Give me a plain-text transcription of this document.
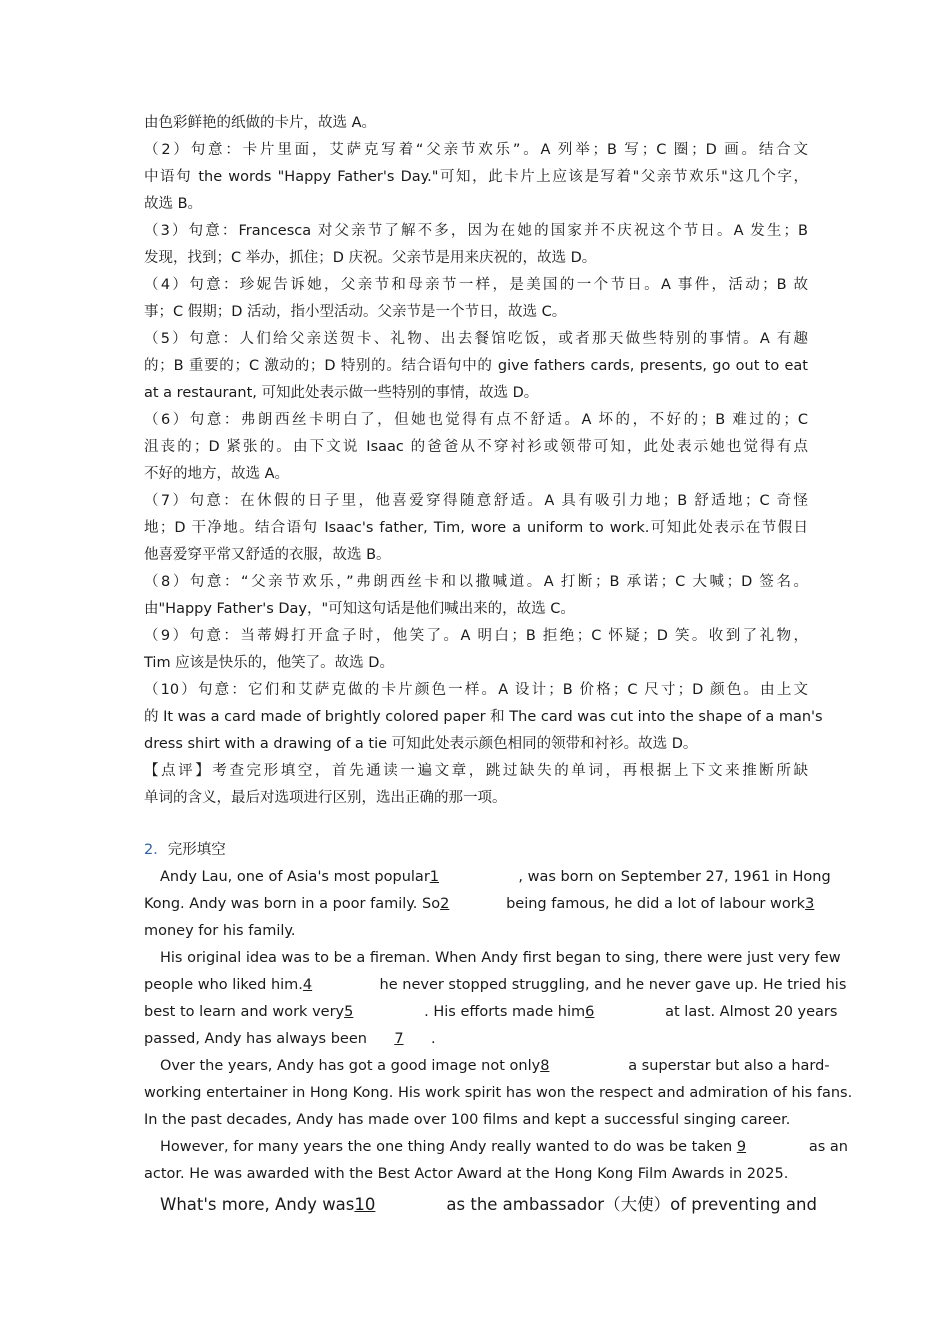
由色彩鲜艳的纸做的卡片，故选 A。
（2）句意：卡片里面，艾萨克写着“父亲节欢乐”。A 列举；B 写；C 圈；D 画。结合文
中语句 the words "Happy Father's Day."可知，此卡片上应该是写着"父亲节欢乐"这几个字，
故选 B。
（3）句意：Francesca 对父亲节了解不多，因为在她的国家并不庆祝这个节日。A 发生；B
发现，找到；C 举办，抓住；D 庆祝。父亲节是用来庆祝的，故选 D。
（4）句意：珍妮告诉她，父亲节和母亲节一样，是美国的一个节日。A 事件，活动；B 故
事；C 假期；D 活动，指小型活动。父亲节是一个节日，故选 C。
（5）句意：人们给父亲送贺卡、礼物、出去餐馆吃饭，或者那天做些特别的事情。A 有趣
的；B 重要的；C 激动的；D 特别的。结合语句中的 give fathers cards, presents, go out to eat
at a restaurant, 可知此处表示做一些特别的事情，故选 D。
（6）句意：弗朗西丝卡明白了，但她也觉得有点不舒适。A 坏的，不好的；B 难过的；C
沮丧的；D 紧张的。由下文说 Isaac 的爸爸从不穿衬衫或领带可知，此处表示她也觉得有点
不好的地方，故选 A。
（7）句意：在休假的日子里，他喜爱穿得随意舒适。A 具有吸引力地；B 舒适地；C 奇怪
地；D 干净地。结合语句 Isaac's father, Tim, wore a uniform to work.可知此处表示在节假日
他喜爱穿平常又舒适的衣服，故选 B。
（8）句意：“父亲节欢乐，”弗朗西丝卡和以撒喊道。A 打断；B 承诺；C 大喊；D 签名。
由"Happy Father's Day，"可知这句话是他们喊出来的，故选 C。
（9）句意：当蒂姆打开盒子时，他笑了。A 明白；B 拒绝；C 怀疑；D 笑。收到了礼物，
Tim 应该是快乐的，他笑了。故选 D。
（10）句意：它们和艾萨克做的卡片颜色一样。A 设计；B 价格；C 尺寸；D 颜色。由上文
的 It was a card made of brightly colored paper 和 The card was cut into the shape of a man's
dress shirt with a drawing of a tie 可知此处表示颜色相同的领带和衬衫。故选 D。
【点评】考查完形填空，首先通读一遍文章，跳过缺失的单词，再根据上下文来推断所缺
单词的含义，最后对选项进行区别，选出正确的那一项。
2．完形填空
Andy Lau, one of Asia's most popular1	, was born on September 27, 1961 in Hong
Kong. Andy was born in a poor family. So2	being famous, he did a lot of labour work3
money for his family.
His original idea was to be a fireman. When Andy first began to sing, there were just very few
people who liked him.4	he never stopped struggling, and he never gave up. He tried his
best to learn and work very5	. His efforts made him6	at last. Almost 20 years
passed, Andy has always been 7 .
Over the years, Andy has got a good image not only8	a superstar but also a hard-
working entertainer in Hong Kong. His work spirit has won the respect and admiration of his fans.
In the past decades, Andy has made over 100 films and kept a successful singing career.
However, for many years the one thing Andy really wanted to do was be taken 9	as an
actor. He was awarded with the Best Actor Award at the Hong Kong Film Awards in 2025.
What's more, Andy was10	as the ambassador（大使）of preventing and
